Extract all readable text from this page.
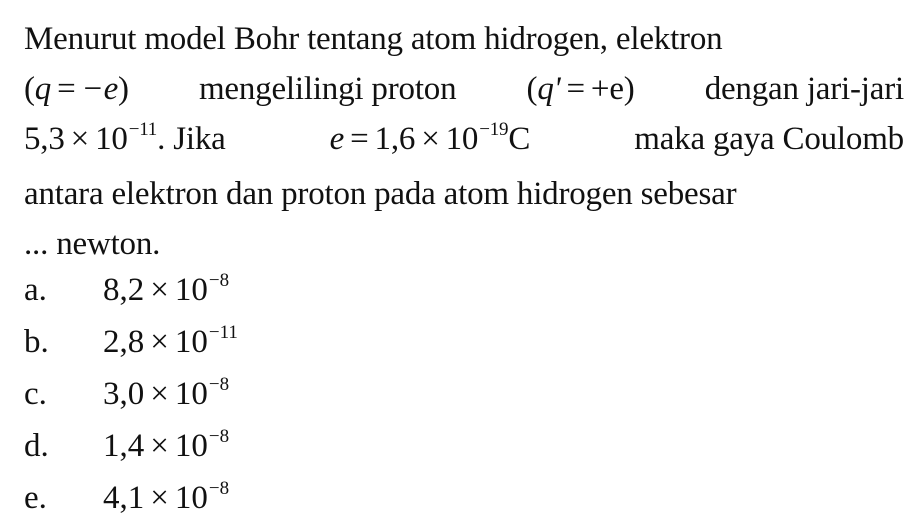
Menurut model Bohr tentang atom hidrogen, elektron
(q = −e) mengelilingi proton (q' = +e) dengan jari-jari
$5,3 \times 10^{-11}$. Jika	$e = 1,6 \times 10^{-19}C$	maka gaya Coulomb
antara elektron dan proton pada atom hidrogen sebesar
... newton.
a.	$8,2 \times 10^{-8}$
b.	$2,8 \times 10^{-11}$
c.	$3,0 \times 10^{-8}$
d.	$1,4 \times 10^{-8}$
e.	$4,1 \times 10^{-8}$
